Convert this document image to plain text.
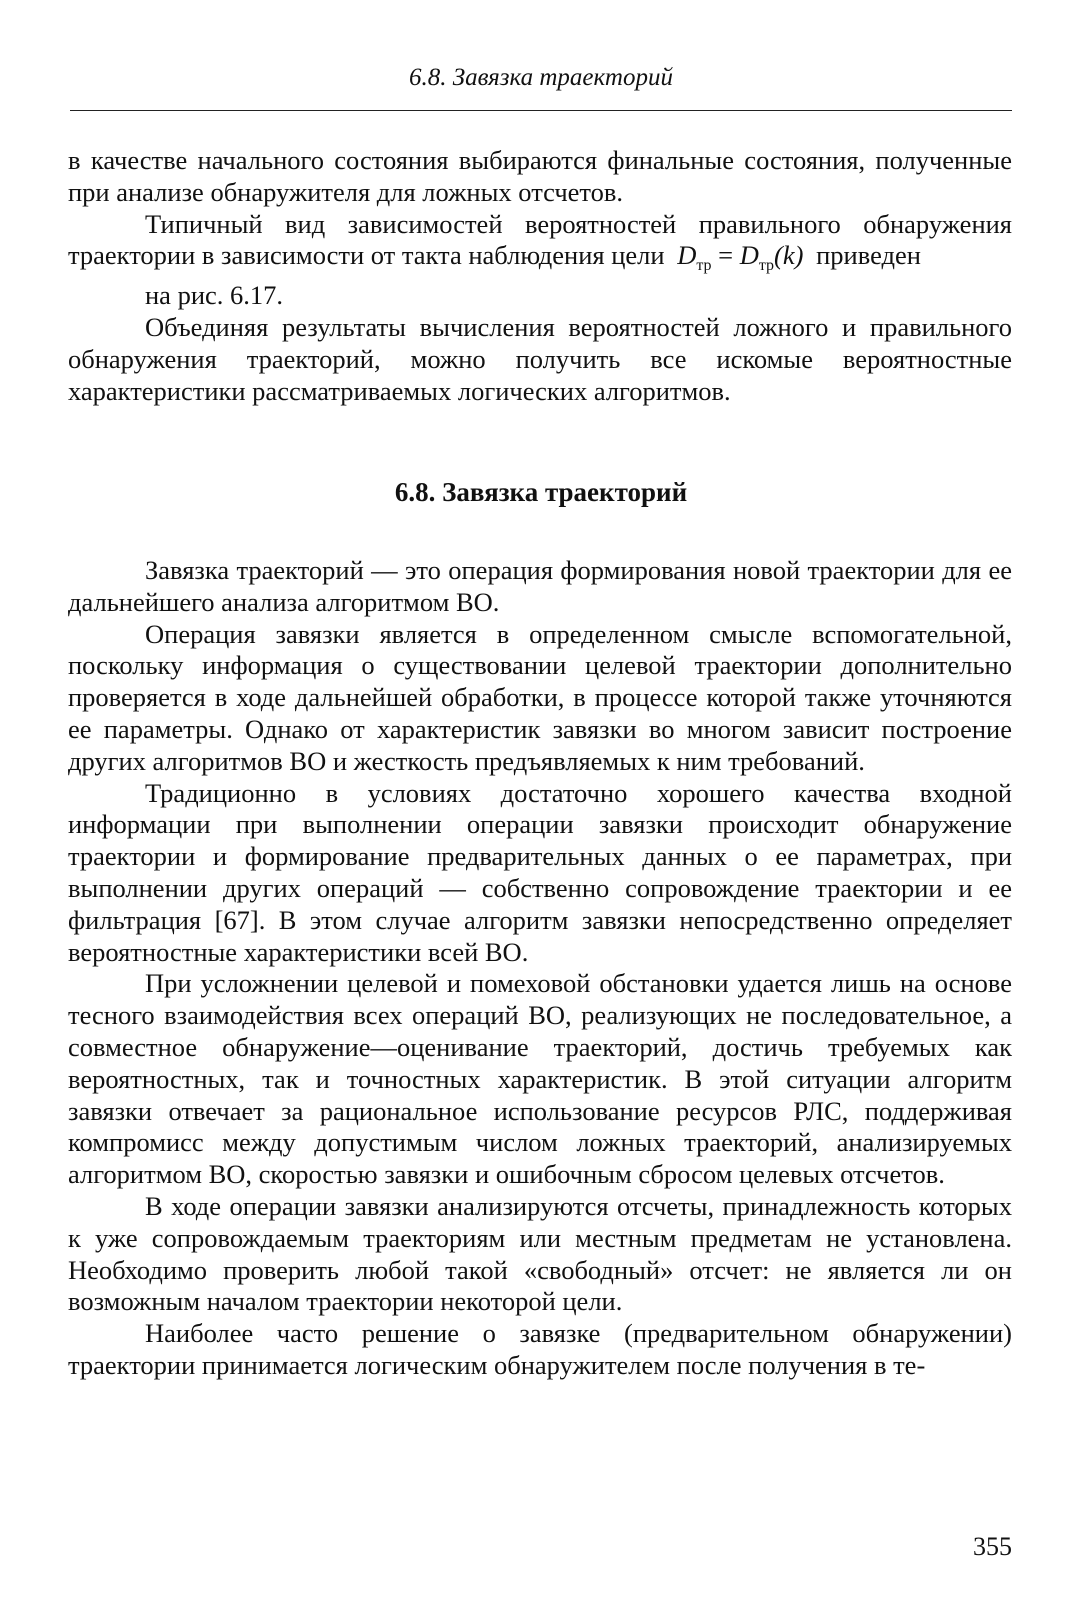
6.8. Завязка траекторий

в качестве начального состояния выбираются финальные состояния, полученные при анализе обнаружителя для ложных отсчетов.

Типичный вид зависимостей вероятностей правильного обнаружения траектории в зависимости от такта наблюдения цели $D_{тр} = D_{тр}(k)$ приведен
на рис. 6.17.

Объединяя результаты вычисления вероятностей ложного и правильного обнаружения траекторий, можно получить все искомые вероятностные характеристики рассматриваемых логических алгоритмов.

6.8. Завязка траекторий

Завязка траекторий — это операция формирования новой траектории для ее дальнейшего анализа алгоритмом ВО.

Операция завязки является в определенном смысле вспомогательной, поскольку информация о существовании целевой траектории дополнительно проверяется в ходе дальнейшей обработки, в процессе которой также уточняются ее параметры. Однако от характеристик завязки во многом зависит построение других алгоритмов ВО и жесткость предъявляемых к ним требований.

Традиционно в условиях достаточно хорошего качества входной информации при выполнении операции завязки происходит обнаружение траектории и формирование предварительных данных о ее параметрах, при выполнении других операций — собственно сопровождение траектории и ее фильтрация [67]. В этом случае алгоритм завязки непосредственно определяет вероятностные характеристики всей ВО.

При усложнении целевой и помеховой обстановки удается лишь на основе тесного взаимодействия всех операций ВО, реализующих не последовательное, а совместное обнаружение—оценивание траекторий, достичь требуемых как вероятностных, так и точностных характеристик. В этой ситуации алгоритм завязки отвечает за рациональное использование ресурсов РЛС, поддерживая компромисс между допустимым числом ложных траекторий, анализируемых алгоритмом ВО, скоростью завязки и ошибочным сбросом целевых отсчетов.

В ходе операции завязки анализируются отсчеты, принадлежность которых к уже сопровождаемым траекториям или местным предметам не установлена. Необходимо проверить любой такой «свободный» отсчет: не является ли он возможным началом траектории некоторой цели.

Наиболее часто решение о завязке (предварительном обнаружении) траектории принимается логическим обнаружителем после получения в те-

355
